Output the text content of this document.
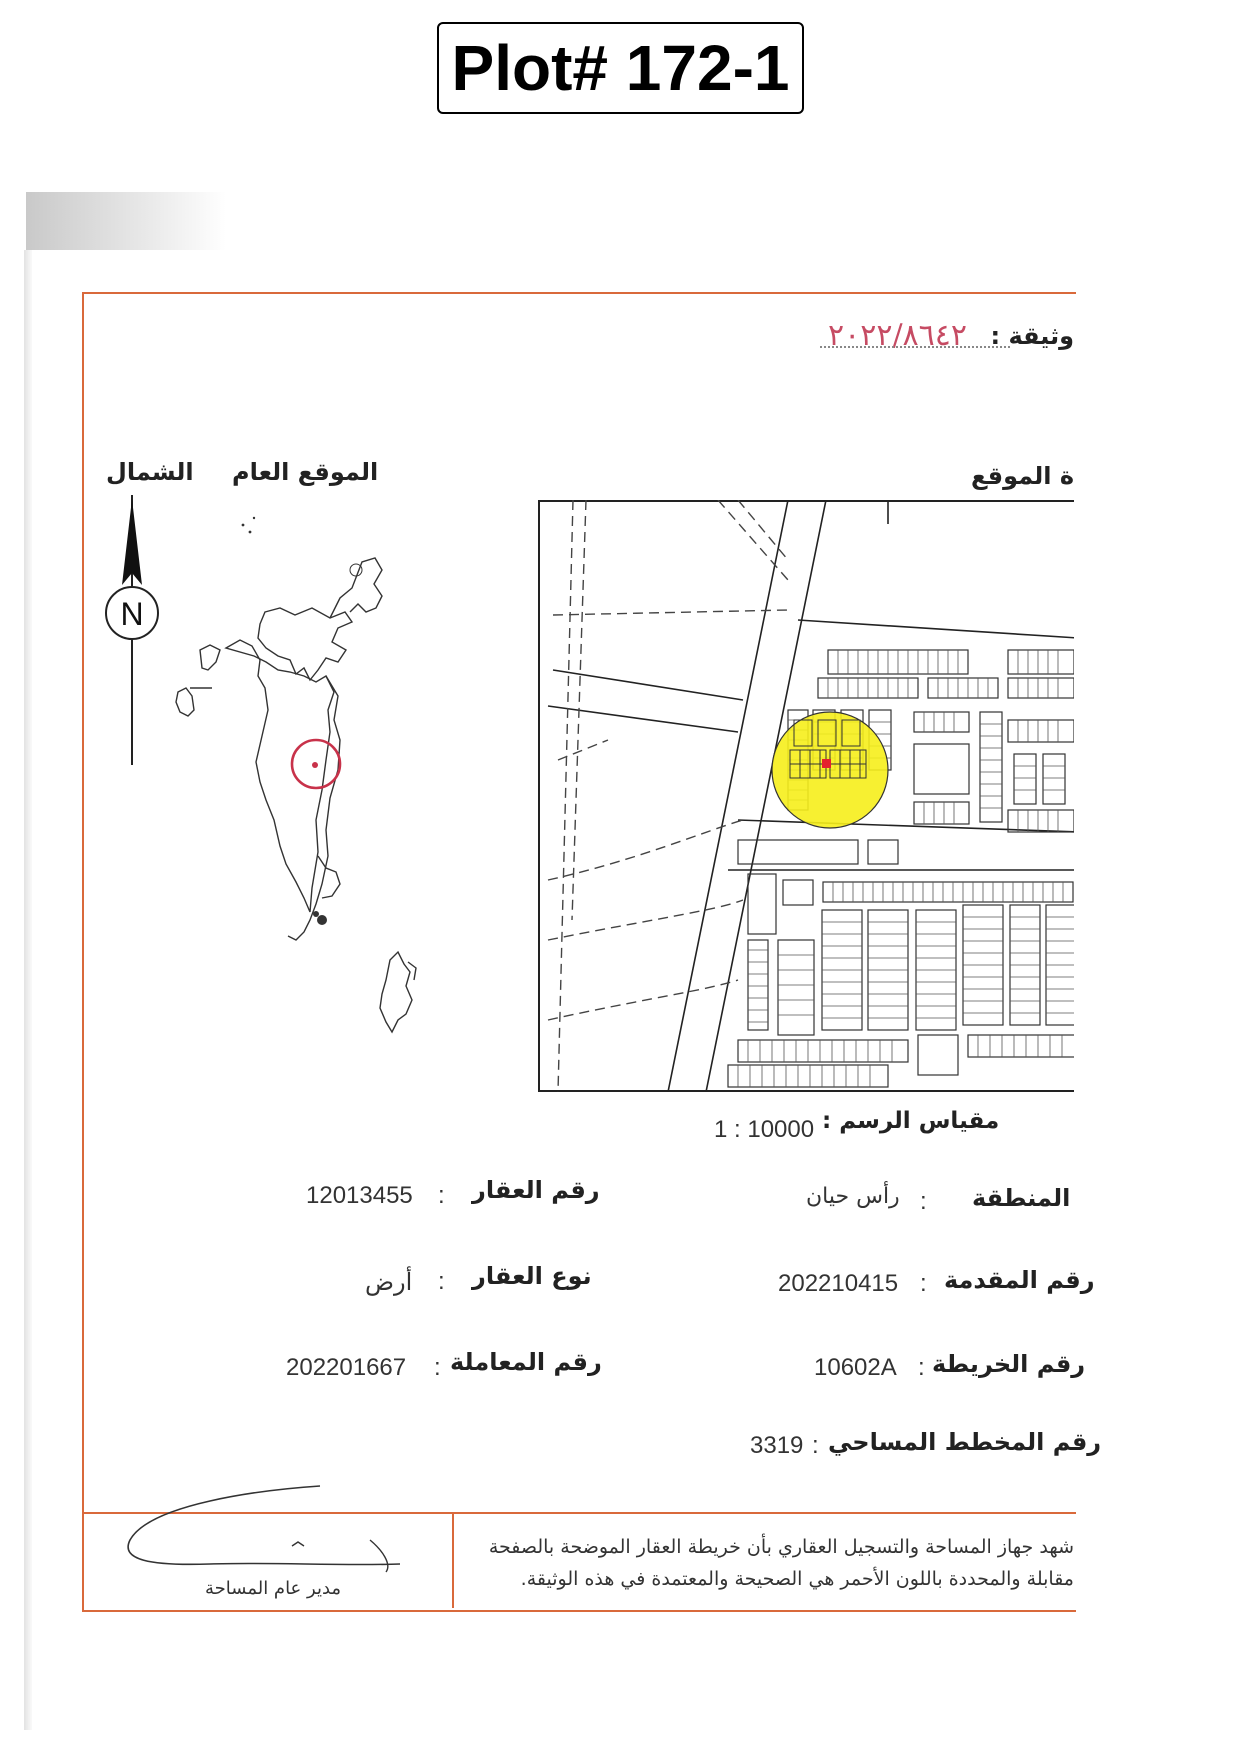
Plot# 172-1
وثيقة :
٢٠٢٢/٨٦٤٢
ة الموقع
الموقع العام
الشمال
N
مقياس الرسم :
1 : 10000
رقم العقار
:
12013455
نوع العقار
:
أرض
رقم المعاملة
:
202201667
المنطقة
:
رأس حيان
رقم المقدمة
:
202210415
رقم الخريطة
:
10602A
رقم المخطط المساحي
:
3319
شهد جهاز المساحة والتسجيل العقاري بأن خريطة العقار الموضحة بالصفحة
مقابلة والمحددة باللون الأحمر هي الصحيحة والمعتمدة في هذه الوثيقة.
مدير عام المساحة
